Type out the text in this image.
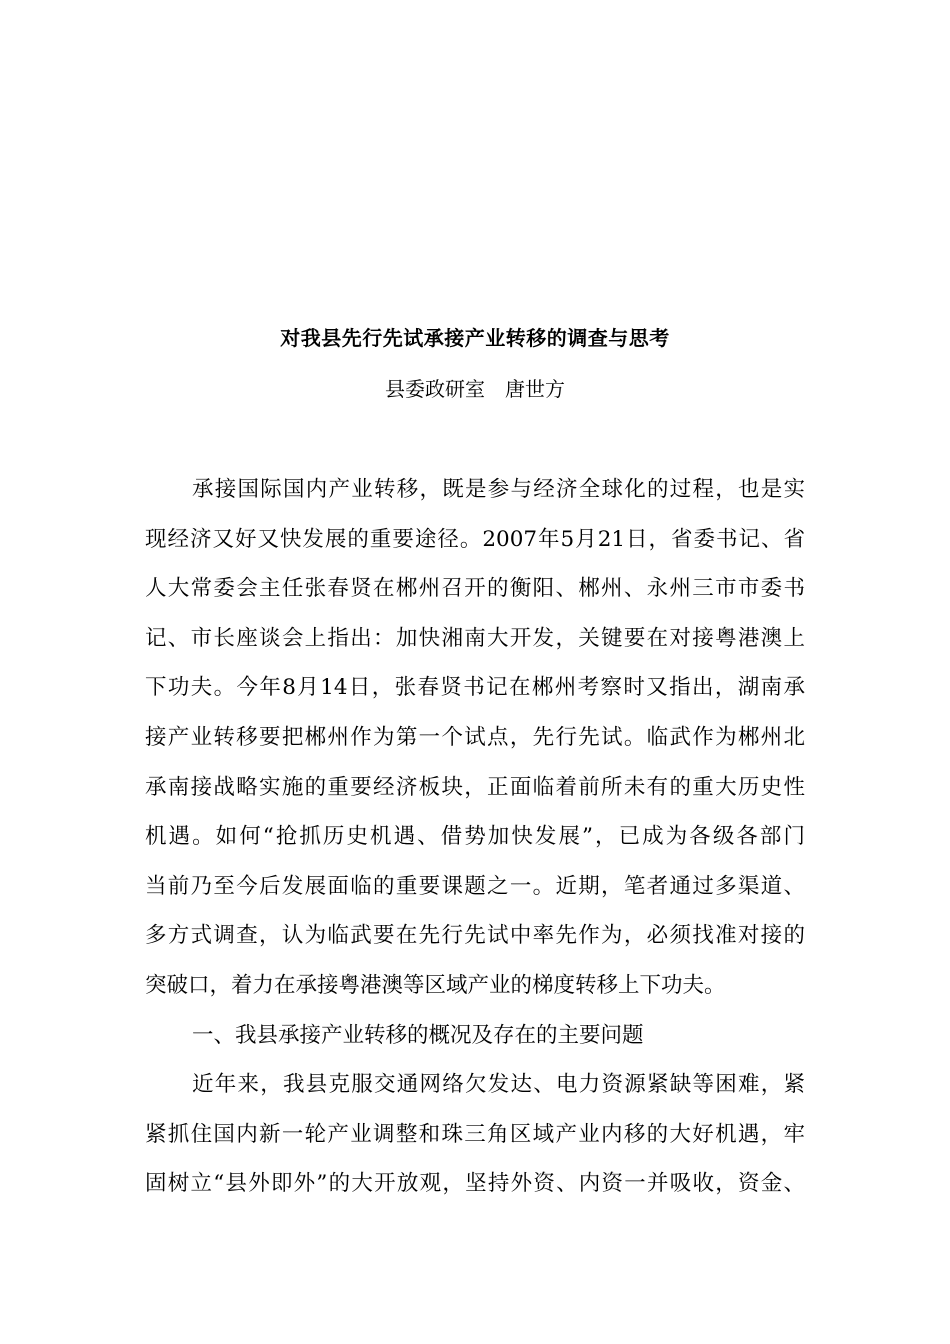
对我县先行先试承接产业转移的调查与思考
县委政研室　唐世方
承接国际国内产业转移，既是参与经济全球化的过程，也是实
现经济又好又快发展的重要途径。2007年5月21日，省委书记、省
人大常委会主任张春贤在郴州召开的衡阳、郴州、永州三市市委书
记、市长座谈会上指出：加快湘南大开发，关键要在对接粤港澳上
下功夫。今年8月14日，张春贤书记在郴州考察时又指出，湖南承
接产业转移要把郴州作为第一个试点，先行先试。临武作为郴州北
承南接战略实施的重要经济板块，正面临着前所未有的重大历史性
机遇。如何“抢抓历史机遇、借势加快发展”，已成为各级各部门
当前乃至今后发展面临的重要课题之一。近期，笔者通过多渠道、
多方式调查，认为临武要在先行先试中率先作为，必须找准对接的
突破口，着力在承接粤港澳等区域产业的梯度转移上下功夫。
一、我县承接产业转移的概况及存在的主要问题
近年来，我县克服交通网络欠发达、电力资源紧缺等困难，紧
紧抓住国内新一轮产业调整和珠三角区域产业内移的大好机遇，牢
固树立“县外即外”的大开放观，坚持外资、内资一并吸收，资金、
